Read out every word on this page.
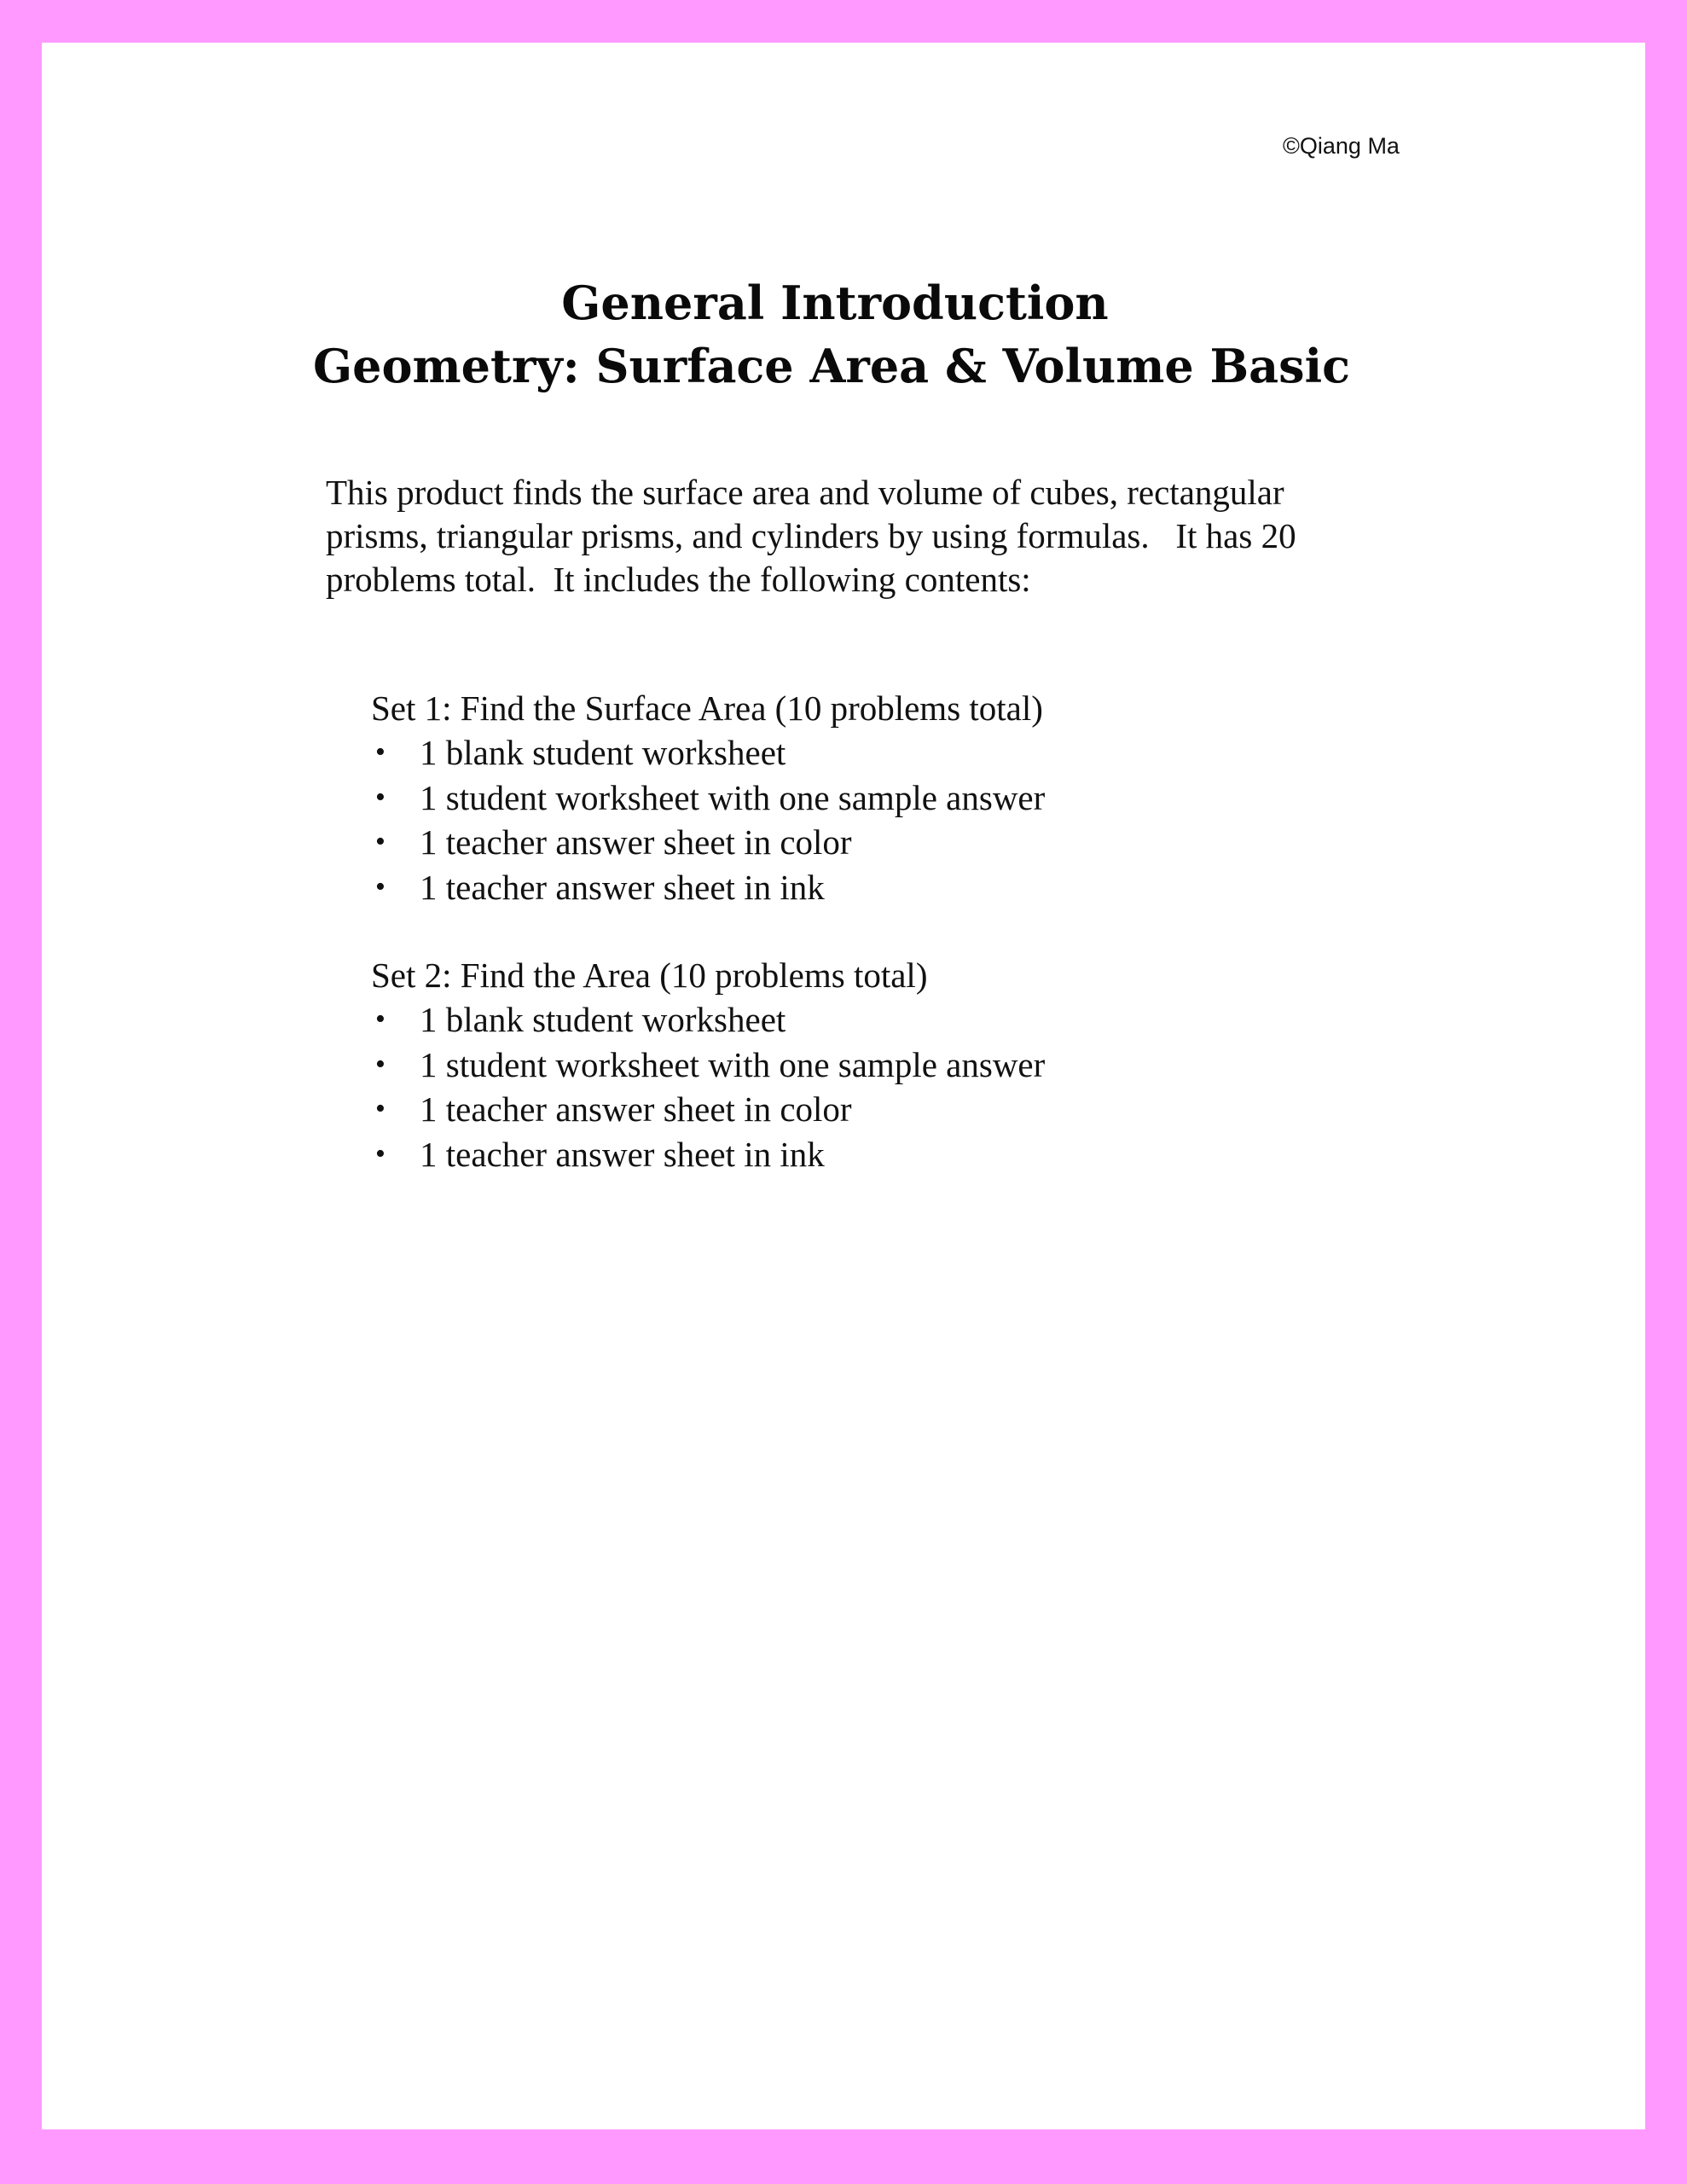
©Qiang Ma
General Introduction
Geometry: Surface Area & Volume Basic
This product finds the surface area and volume of cubes, rectangular
prisms, triangular prisms, and cylinders by using formulas.   It has 20
problems total.  It includes the following contents:
Set 1: Find the Surface Area (10 problems total)
• 1 blank student worksheet
• 1 student worksheet with one sample answer
• 1 teacher answer sheet in color
• 1 teacher answer sheet in ink
Set 2: Find the Area (10 problems total)
• 1 blank student worksheet
• 1 student worksheet with one sample answer
• 1 teacher answer sheet in color
• 1 teacher answer sheet in ink
